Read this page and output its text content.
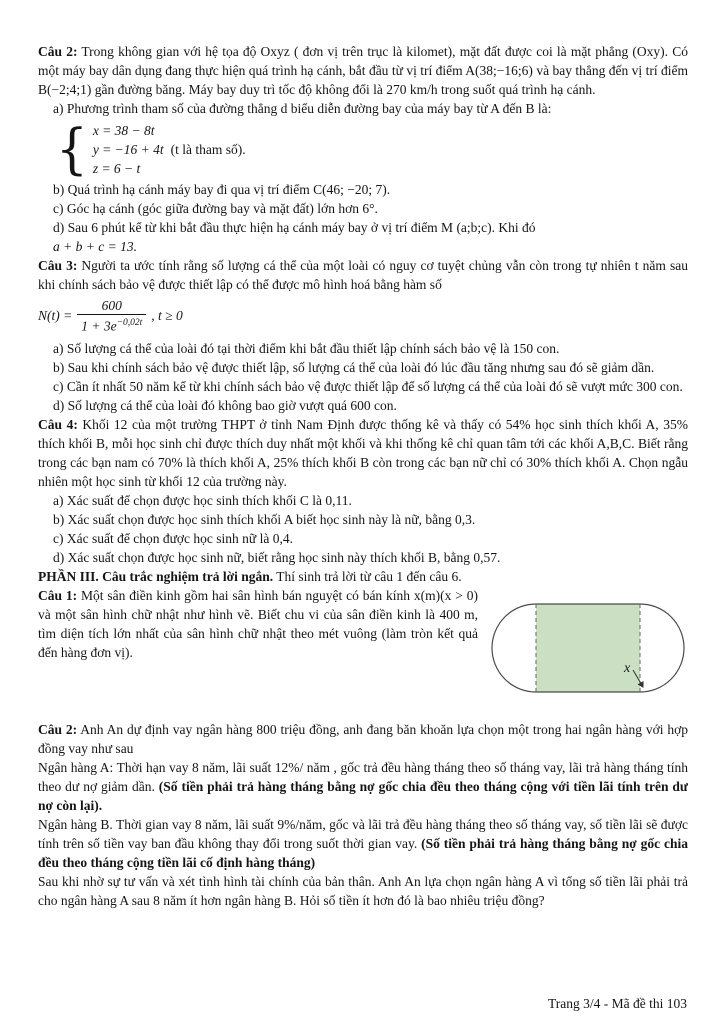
Câu 2: Trong không gian với hệ tọa độ Oxyz ( đơn vị trên trục là kilomet), mặt đất được coi là mặt phẳng (Oxy). Có một máy bay dân dụng đang thực hiện quá trình hạ cánh, bắt đầu từ vị trí điểm A(38;−16;6) và bay thẳng đến vị trí điểm B(−2;4;1) gần đường băng. Máy bay duy trì tốc độ không đổi là 270 km/h trong suốt quá trình hạ cánh.

a) Phương trình tham số của đường thẳng d biểu diễn đường bay của máy bay từ A đến B là:

{ x = 38 − 8t
y = −16 + 4t (t là tham số).
z = 6 − t

b) Quá trình hạ cánh máy bay đi qua vị trí điểm C(46; −20; 7).

c) Góc hạ cánh (góc giữa đường bay và mặt đất) lớn hơn 6°.

d) Sau 6 phút kể từ khi bắt đầu thực hiện hạ cánh máy bay ở vị trí điểm M (a;b;c). Khi đó

a + b + c = 13.

Câu 3: Người ta ước tính rằng số lượng cá thể của một loài có nguy cơ tuyệt chủng vẫn còn trong tự nhiên t năm sau khi chính sách bảo vệ được thiết lập có thể được mô hình hoá bằng hàm số

$N(t) = \frac{600}{1 + 3e^{-0,02t}}$ , t ≥ 0

a) Số lượng cá thể của loài đó tại thời điểm khi bắt đầu thiết lập chính sách bảo vệ là 150 con.

b) Sau khi chính sách bảo vệ được thiết lập, số lượng cá thể của loài đó lúc đầu tăng nhưng sau đó sẽ giảm dần.

c) Cần ít nhất 50 năm kể từ khi chính sách bảo vệ được thiết lập để số lượng cá thể của loài đó sẽ vượt mức 300 con.

d) Số lượng cá thể của loài đó không bao giờ vượt quá 600 con.

Câu 4: Khối 12 của một trường THPT ở tỉnh Nam Định được thống kê và thấy có 54% học sinh thích khối A, 35% thích khối B, mỗi học sinh chỉ được thích duy nhất một khối và khi thống kê chỉ quan tâm tới các khối A,B,C. Biết rằng trong các bạn nam có 70% là thích khối A, 25% thích khối B còn trong các bạn nữ chỉ có 30% thích khối A. Chọn ngẫu nhiên một học sinh từ khối 12 của trường này.

a) Xác suất để chọn được học sinh thích khối C là 0,11.

b) Xác suất chọn được học sinh thích khối A biết học sinh này là nữ, bằng 0,3.

c) Xác suất để chọn được học sinh nữ là 0,4.

d) Xác suất chọn được học sinh nữ, biết rằng học sinh này thích khối B, bằng 0,57.

PHẦN III. Câu trắc nghiệm trả lời ngắn. Thí sinh trả lời từ câu 1 đến câu 6.

x

Câu 1: Một sân điền kinh gồm hai sân hình bán nguyệt có bán kính x(m)(x > 0) và một sân hình chữ nhật như hình vẽ. Biết chu vi của sân điền kinh là 400 m, tìm diện tích lớn nhất của sân hình chữ nhật theo mét vuông (làm tròn kết quả đến hàng đơn vị).

Câu 2: Anh An dự định vay ngân hàng 800 triệu đồng, anh đang băn khoăn lựa chọn một trong hai ngân hàng với hợp đồng vay như sau

Ngân hàng A: Thời hạn vay 8 năm, lãi suất 12%/ năm , gốc trả đều hàng tháng theo số tháng vay, lãi trả hàng tháng tính theo dư nợ giảm dần. (Số tiền phải trả hàng tháng bằng nợ gốc chia đều theo tháng cộng với tiền lãi tính trên dư nợ còn lại).

Ngân hàng B. Thời gian vay 8 năm, lãi suất 9%/năm, gốc và lãi trả đều hàng tháng theo số tháng vay, số tiền lãi sẽ được tính trên số tiền vay ban đầu không thay đổi trong suốt thời gian vay. (Số tiền phải trả hàng tháng bằng nợ gốc chia đều theo tháng cộng tiền lãi cố định hàng tháng)

Sau khi nhờ sự tư vấn và xét tình hình tài chính của bản thân. Anh An lựa chọn ngân hàng A vì tổng số tiền lãi phải trả cho ngân hàng A sau 8 năm ít hơn ngân hàng B. Hỏi số tiền ít hơn đó là bao nhiêu triệu đồng?

Trang 3/4 - Mã đề thi 103
